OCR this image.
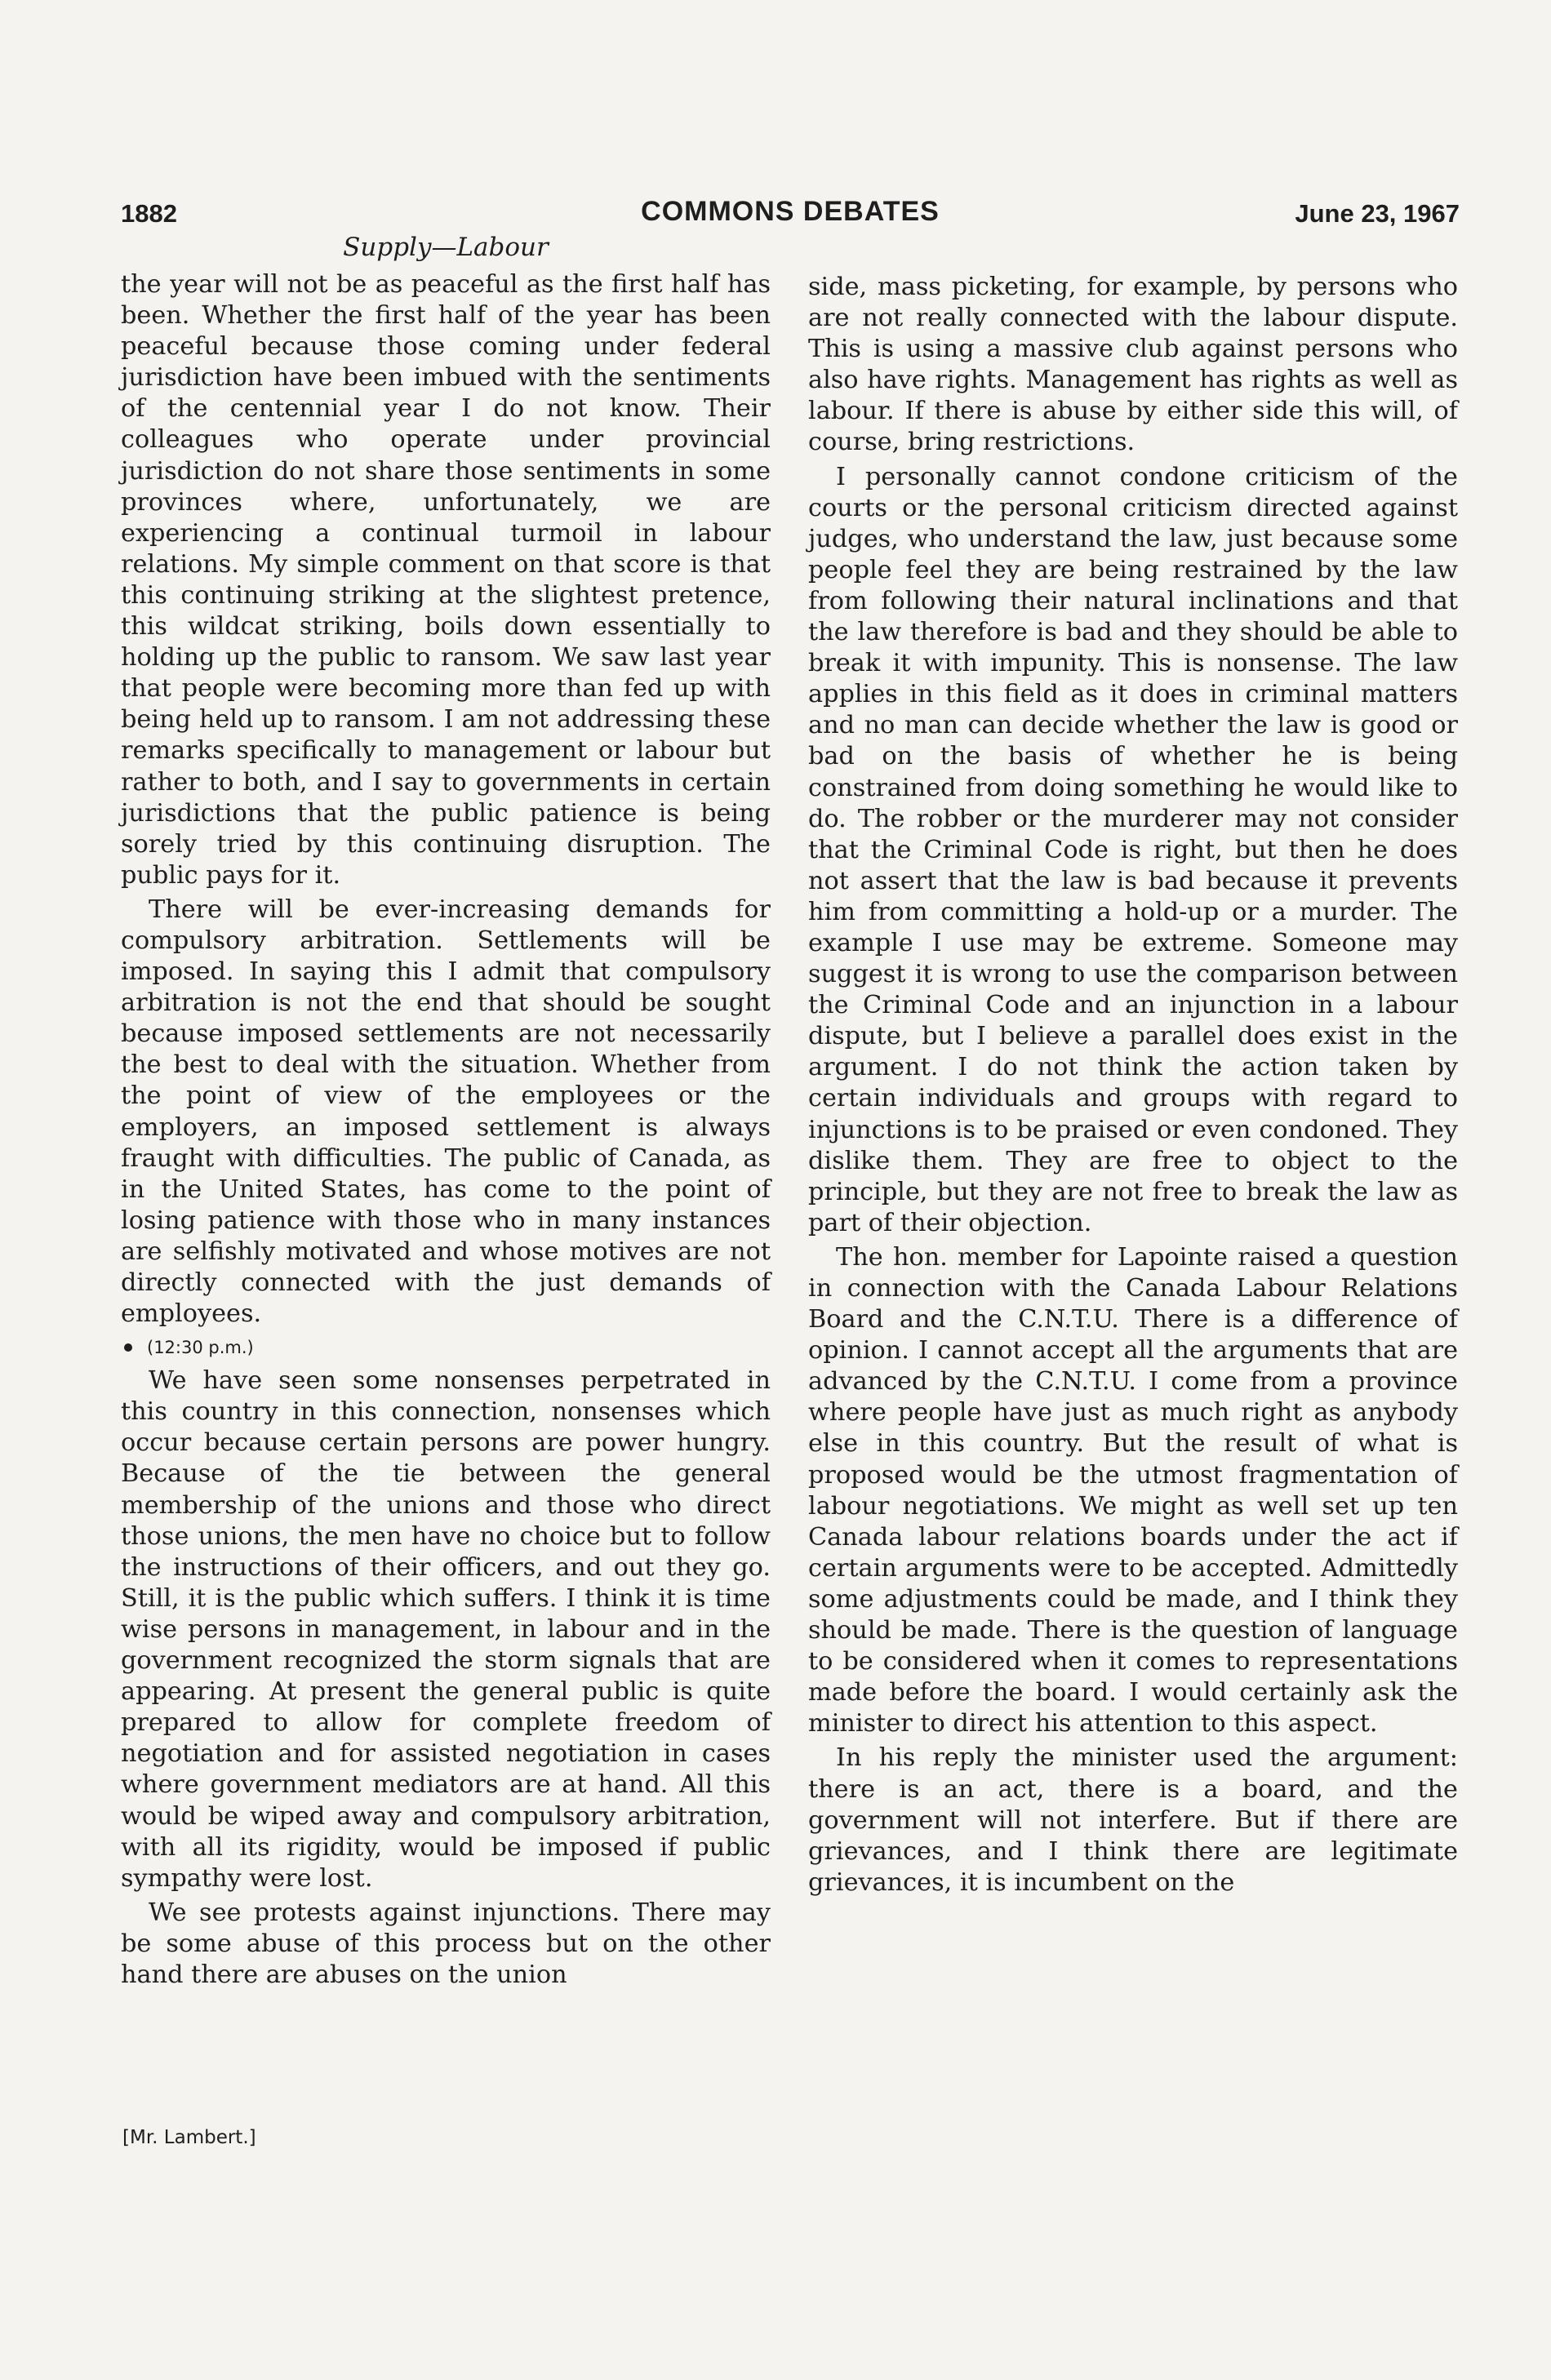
1882	COMMONS DEBATES	June 23, 1967
Supply—Labour

the year will not be as peaceful as the first half has been. Whether the first half of the year has been peaceful because those coming under federal jurisdiction have been imbued with the sentiments of the centennial year I do not know. Their colleagues who operate under provincial jurisdiction do not share those sentiments in some provinces where, unfortunately, we are experiencing a continual turmoil in labour relations. My simple comment on that score is that this continuing striking at the slightest pretence, this wildcat striking, boils down essentially to holding up the public to ransom. We saw last year that people were becoming more than fed up with being held up to ransom. I am not addressing these remarks specifically to management or labour but rather to both, and I say to governments in certain jurisdictions that the public patience is being sorely tried by this continuing disruption. The public pays for it.

There will be ever-increasing demands for compulsory arbitration. Settlements will be imposed. In saying this I admit that compulsory arbitration is not the end that should be sought because imposed settlements are not necessarily the best to deal with the situation. Whether from the point of view of the employees or the employers, an imposed settlement is always fraught with difficulties. The public of Canada, as in the United States, has come to the point of losing patience with those who in many instances are selfishly motivated and whose motives are not directly connected with the just demands of employees.

(12:30 p.m.)

We have seen some nonsenses perpetrated in this country in this connection, nonsenses which occur because certain persons are power hungry. Because of the tie between the general membership of the unions and those who direct those unions, the men have no choice but to follow the instructions of their officers, and out they go. Still, it is the public which suffers. I think it is time wise persons in management, in labour and in the government recognized the storm signals that are appearing. At present the general public is quite prepared to allow for complete freedom of negotiation and for assisted negotiation in cases where government mediators are at hand. All this would be wiped away and compulsory arbitration, with all its rigidity, would be imposed if public sympathy were lost.

We see protests against injunctions. There may be some abuse of this process but on the other hand there are abuses on the union

side, mass picketing, for example, by persons who are not really connected with the labour dispute. This is using a massive club against persons who also have rights. Management has rights as well as labour. If there is abuse by either side this will, of course, bring restrictions.

I personally cannot condone criticism of the courts or the personal criticism directed against judges, who understand the law, just because some people feel they are being restrained by the law from following their natural inclinations and that the law therefore is bad and they should be able to break it with impunity. This is nonsense. The law applies in this field as it does in criminal matters and no man can decide whether the law is good or bad on the basis of whether he is being constrained from doing something he would like to do. The robber or the murderer may not consider that the Criminal Code is right, but then he does not assert that the law is bad because it prevents him from committing a hold-up or a murder. The example I use may be extreme. Someone may suggest it is wrong to use the comparison between the Criminal Code and an injunction in a labour dispute, but I believe a parallel does exist in the argument. I do not think the action taken by certain individuals and groups with regard to injunctions is to be praised or even condoned. They dislike them. They are free to object to the principle, but they are not free to break the law as part of their objection.

The hon. member for Lapointe raised a question in connection with the Canada Labour Relations Board and the C.N.T.U. There is a difference of opinion. I cannot accept all the arguments that are advanced by the C.N.T.U. I come from a province where people have just as much right as anybody else in this country. But the result of what is proposed would be the utmost fragmentation of labour negotiations. We might as well set up ten Canada labour relations boards under the act if certain arguments were to be accepted. Admittedly some adjustments could be made, and I think they should be made. There is the question of language to be considered when it comes to representations made before the board. I would certainly ask the minister to direct his attention to this aspect.

In his reply the minister used the argument: there is an act, there is a board, and the government will not interfere. But if there are grievances, and I think there are legitimate grievances, it is incumbent on the

[Mr. Lambert.]
